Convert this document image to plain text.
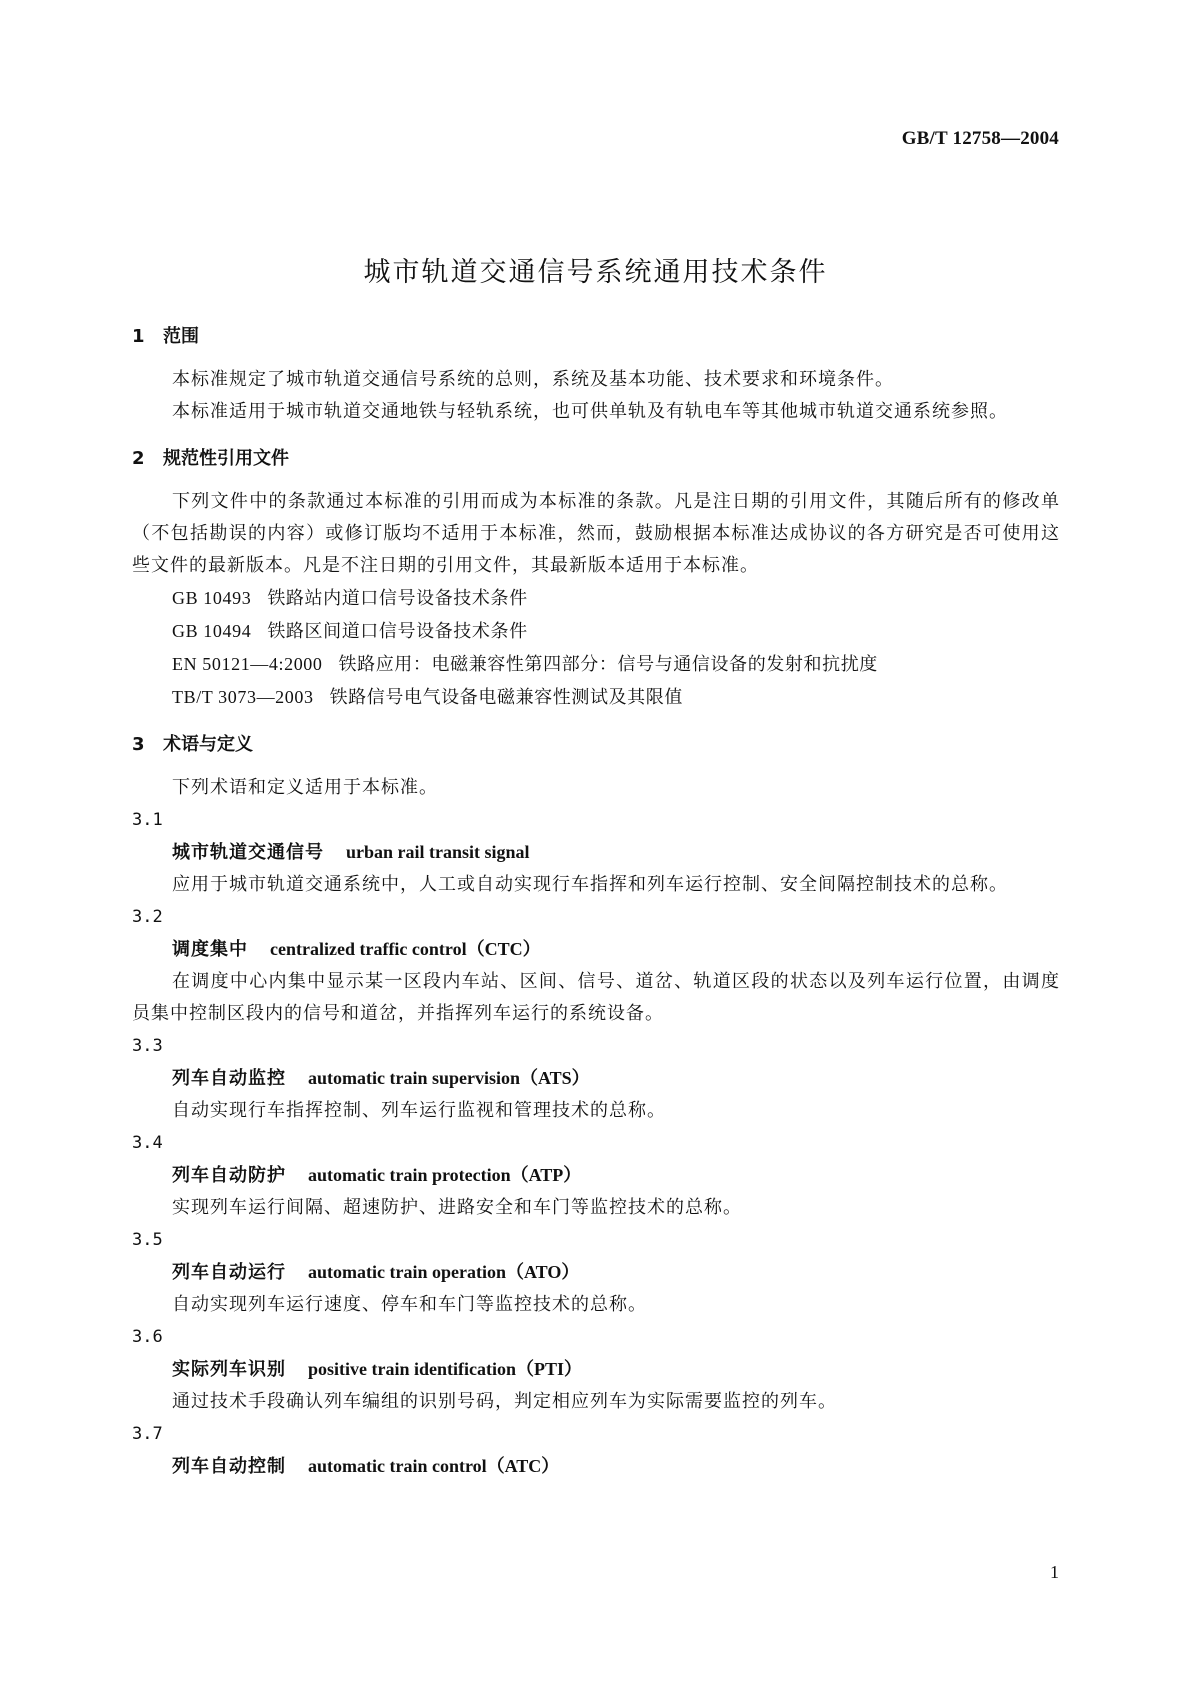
GB/T 12758—2004
城市轨道交通信号系统通用技术条件
1 范围

本标准规定了城市轨道交通信号系统的总则，系统及基本功能、技术要求和环境条件。

本标准适用于城市轨道交通地铁与轻轨系统，也可供单轨及有轨电车等其他城市轨道交通系统参照。

2 规范性引用文件

下列文件中的条款通过本标准的引用而成为本标准的条款。凡是注日期的引用文件，其随后所有的修改单（不包括勘误的内容）或修订版均不适用于本标准，然而，鼓励根据本标准达成协议的各方研究是否可使用这些文件的最新版本。凡是不注日期的引用文件，其最新版本适用于本标准。

GB 10493 铁路站内道口信号设备技术条件

GB 10494 铁路区间道口信号设备技术条件

EN 50121—4:2000 铁路应用：电磁兼容性第四部分：信号与通信设备的发射和抗扰度

TB/T 3073—2003 铁路信号电气设备电磁兼容性测试及其限值

3 术语与定义

下列术语和定义适用于本标准。

3.1

城市轨道交通信号 urban rail transit signal

应用于城市轨道交通系统中，人工或自动实现行车指挥和列车运行控制、安全间隔控制技术的总称。

3.2

调度集中 centralized traffic control（CTC）

在调度中心内集中显示某一区段内车站、区间、信号、道岔、轨道区段的状态以及列车运行位置，由调度员集中控制区段内的信号和道岔，并指挥列车运行的系统设备。

3.3

列车自动监控 automatic train supervision（ATS）

自动实现行车指挥控制、列车运行监视和管理技术的总称。

3.4

列车自动防护 automatic train protection（ATP）

实现列车运行间隔、超速防护、进路安全和车门等监控技术的总称。

3.5

列车自动运行 automatic train operation（ATO）

自动实现列车运行速度、停车和车门等监控技术的总称。

3.6

实际列车识别 positive train identification（PTI）

通过技术手段确认列车编组的识别号码，判定相应列车为实际需要监控的列车。

3.7

列车自动控制 automatic train control（ATC）

1
